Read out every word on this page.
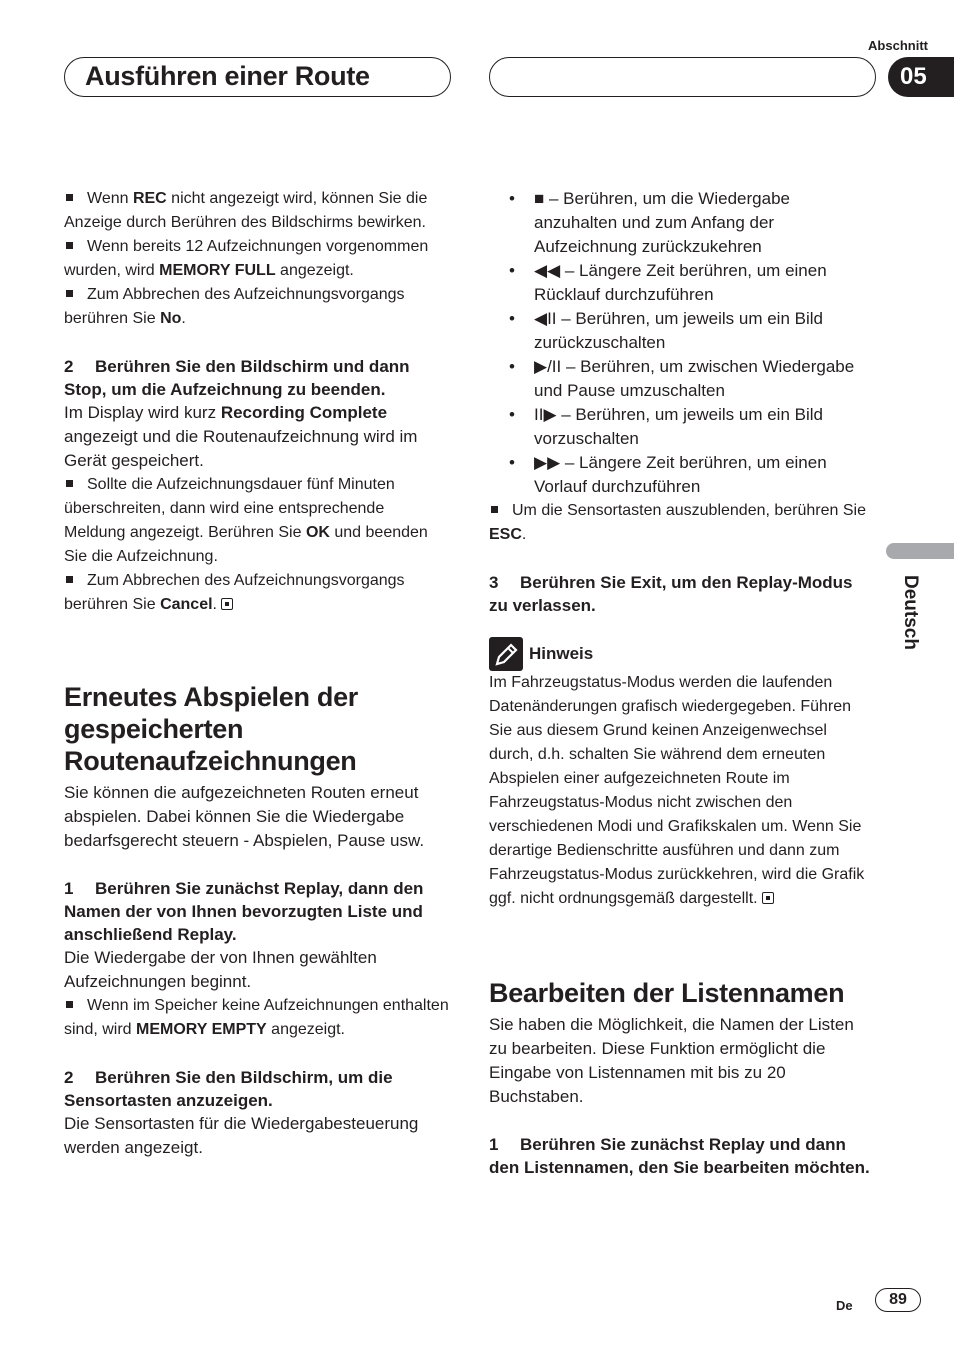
Ausführen einer Route
Abschnitt
05
Deutsch

Wenn REC nicht angezeigt wird, können Sie die Anzeige durch Berühren des Bildschirms bewirken.

Wenn bereits 12 Aufzeichnungen vorgenommen wurden, wird MEMORY FULL angezeigt.

Zum Abbrechen des Aufzeichnungsvorgangs berühren Sie No.

2 Berühren Sie den Bildschirm und dann Stop, um die Aufzeichnung zu beenden.

Im Display wird kurz Recording Complete angezeigt und die Routenaufzeichnung wird im Gerät gespeichert.

Sollte die Aufzeichnungsdauer fünf Minuten überschreiten, dann wird eine entsprechende Meldung angezeigt. Berühren Sie OK und beenden Sie die Aufzeichnung.

Zum Abbrechen des Aufzeichnungsvorgangs berühren Sie Cancel.

Erneutes Abspielen der gespeicherten Routenaufzeichnungen

Sie können die aufgezeichneten Routen erneut abspielen. Dabei können Sie die Wiedergabe bedarfsgerecht steuern - Abspielen, Pause usw.

1 Berühren Sie zunächst Replay, dann den Namen der von Ihnen bevorzugten Liste und anschließend Replay.

Die Wiedergabe der von Ihnen gewählten Aufzeichnungen beginnt.

Wenn im Speicher keine Aufzeichnungen enthalten sind, wird MEMORY EMPTY angezeigt.

2 Berühren Sie den Bildschirm, um die Sensortasten anzuzeigen.

Die Sensortasten für die Wiedergabesteuerung werden angezeigt.

• ■ – Berühren, um die Wiedergabe anzuhalten und zum Anfang der Aufzeichnung zurückzukehren

• ◀◀ – Längere Zeit berühren, um einen Rücklauf durchzuführen

• ◀II – Berühren, um jeweils um ein Bild zurückzuschalten

• ▶/II – Berühren, um zwischen Wiedergabe und Pause umzuschalten

• II▶ – Berühren, um jeweils um ein Bild vorzuschalten

• ▶▶ – Längere Zeit berühren, um einen Vorlauf durchzuführen

Um die Sensortasten auszublenden, berühren Sie ESC.

3 Berühren Sie Exit, um den Replay-Modus zu verlassen.

Hinweis

Im Fahrzeugstatus-Modus werden die laufenden Datenänderungen grafisch wiedergegeben. Führen Sie aus diesem Grund keinen Anzeigenwechsel durch, d.h. schalten Sie während dem erneuten Abspielen einer aufgezeichneten Route im Fahrzeugstatus-Modus nicht zwischen den verschiedenen Modi und Grafikskalen um. Wenn Sie derartige Bedienschritte ausführen und dann zum Fahrzeugstatus-Modus zurückkehren, wird die Grafik ggf. nicht ordnungsgemäß dargestellt.

Bearbeiten der Listennamen

Sie haben die Möglichkeit, die Namen der Listen zu bearbeiten. Diese Funktion ermöglicht die Eingabe von Listennamen mit bis zu 20 Buchstaben.

1 Berühren Sie zunächst Replay und dann den Listennamen, den Sie bearbeiten möchten.

De	89
